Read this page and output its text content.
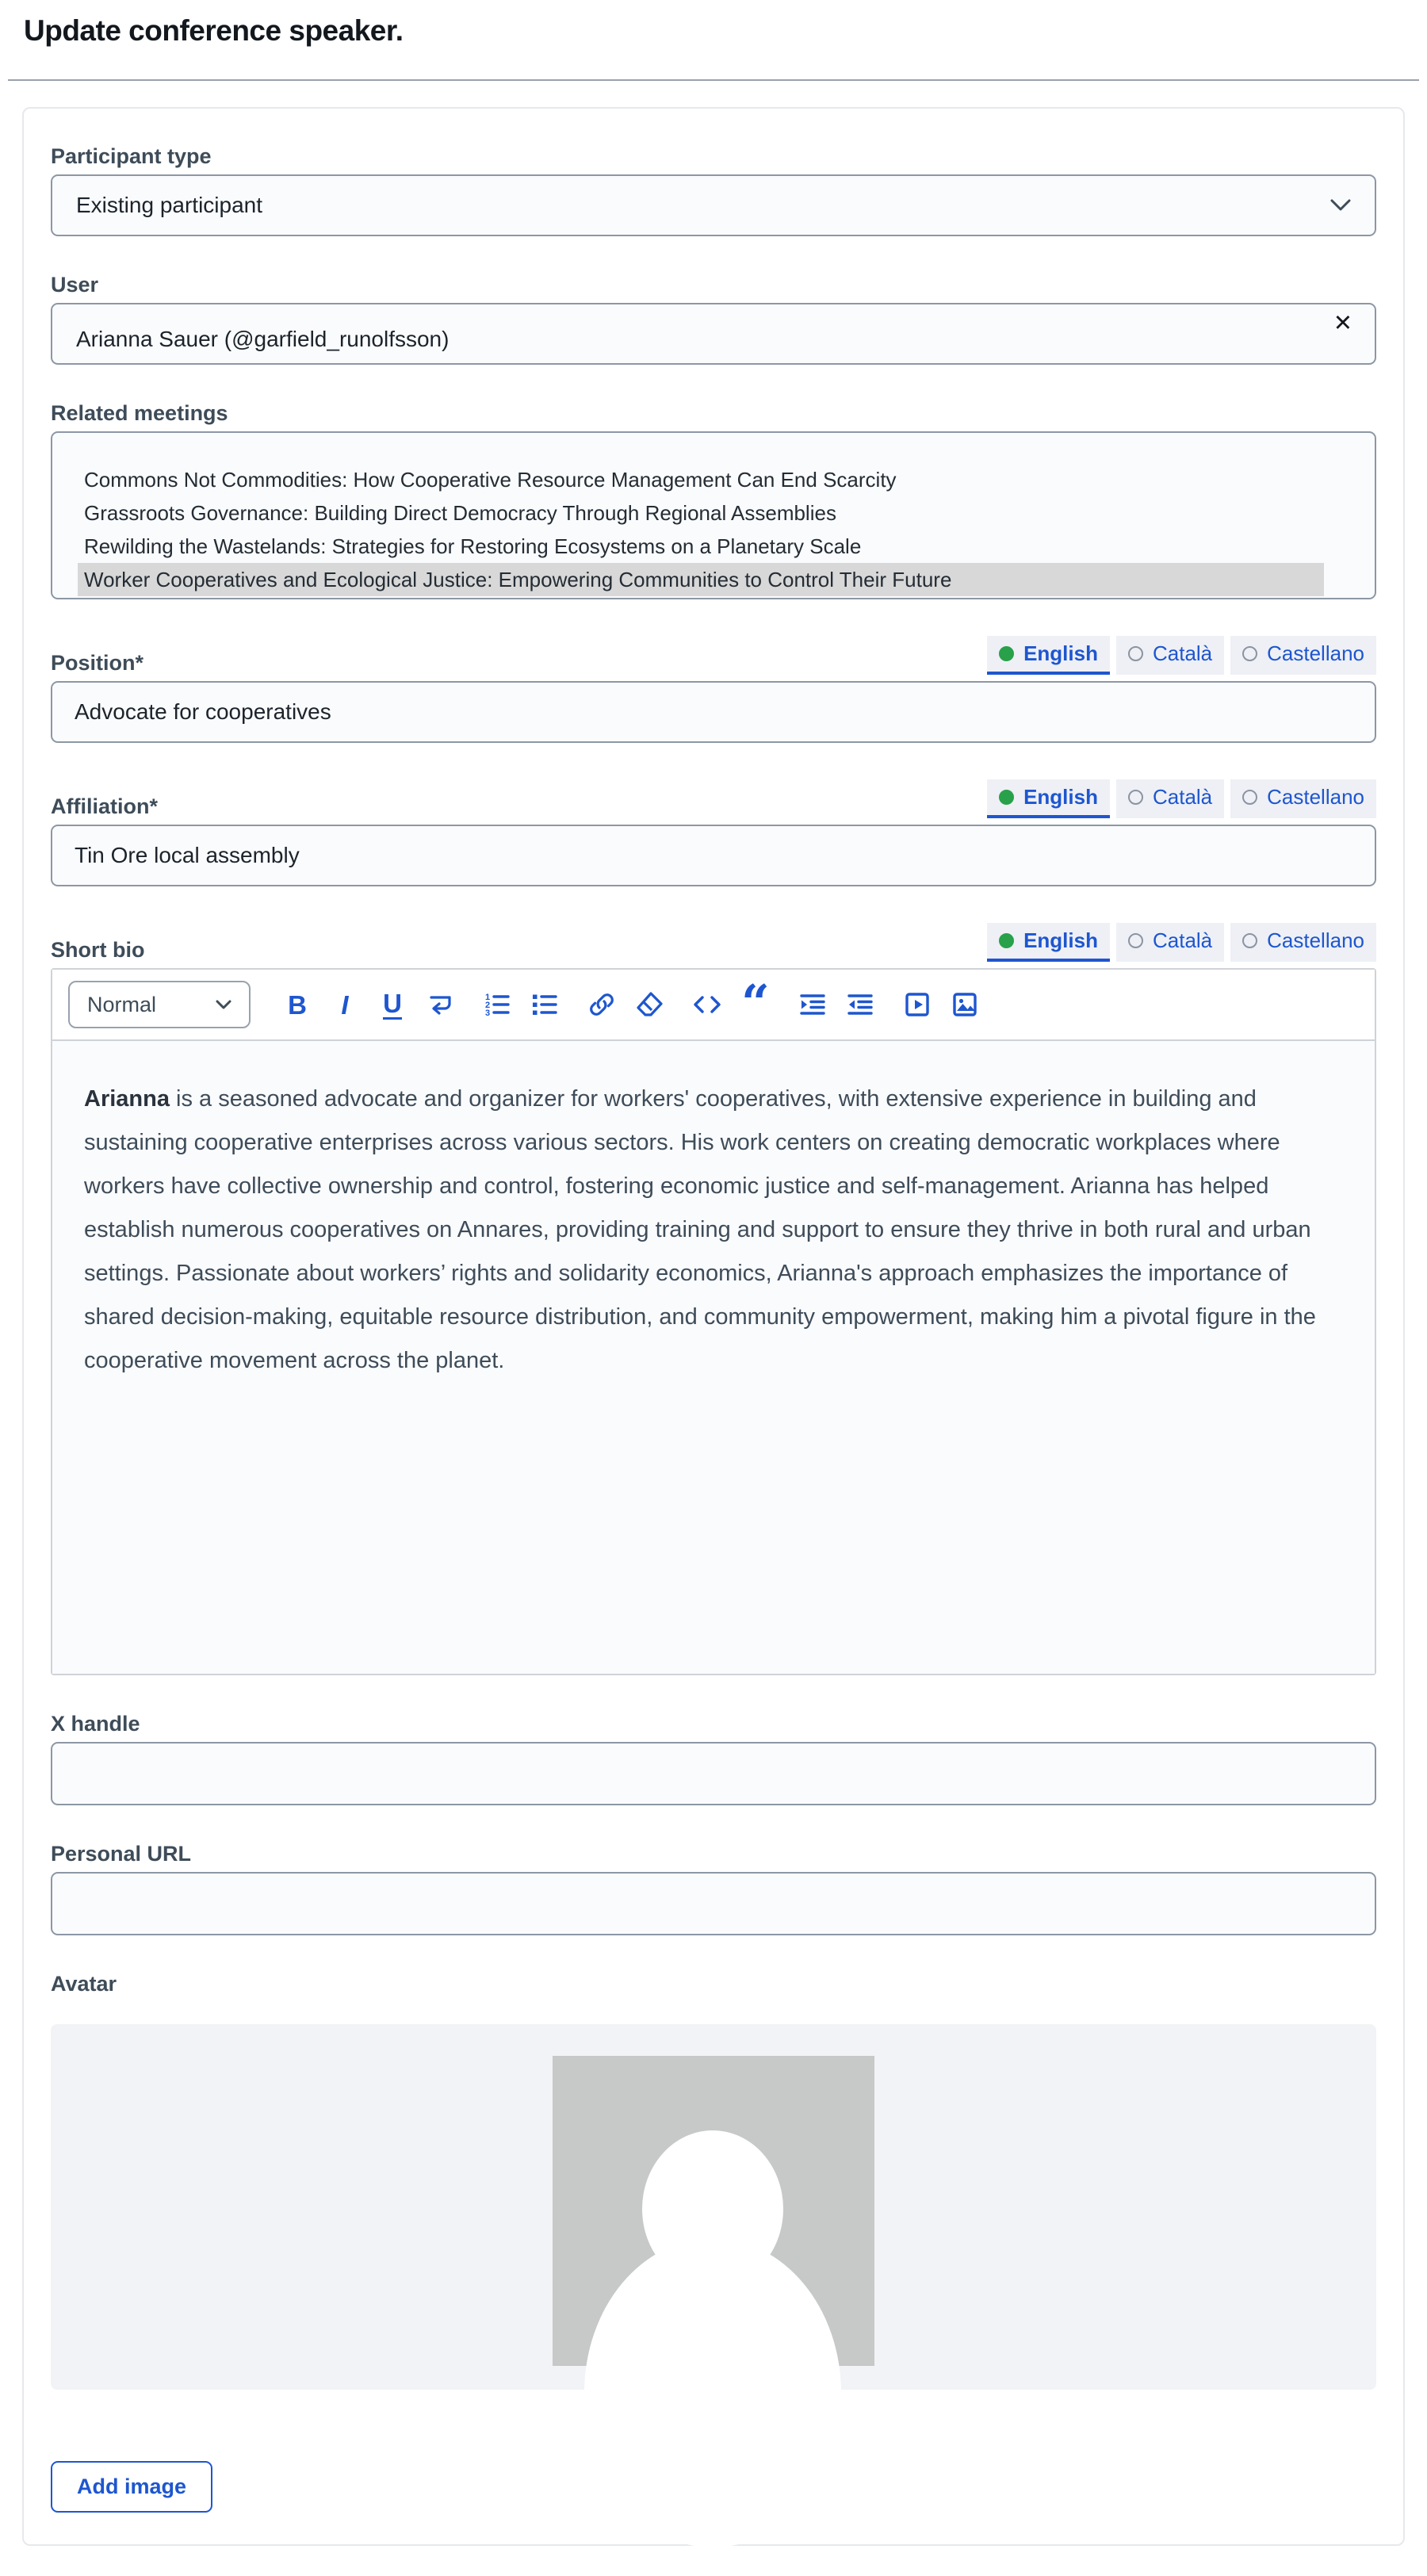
Update conference speaker.
Participant type
Existing participant
User
Arianna Sauer (@garfield_runolfsson)
✕
Related meetings
Commons Not Commodities: How Cooperative Resource Management Can End Scarcity
Grassroots Governance: Building Direct Democracy Through Regional Assemblies
Rewilding the Wastelands: Strategies for Restoring Ecosystems on a Planetary Scale
Worker Cooperatives and Ecological Justice: Empowering Communities to Control Their Future
Position*	English	Català	Castellano
Advocate for cooperatives
Affiliation*	English	Català	Castellano
Tin Ore local assembly
Short bio	English	Català	Castellano
Normal	B I U	1
2
3	“

Arianna is a seasoned advocate and organizer for workers' cooperatives, with extensive experience in building and sustaining cooperative enterprises across various sectors. His work centers on creating democratic workplaces where workers have collective ownership and control, fostering economic justice and self-management. Arianna has helped establish numerous cooperatives on Annares, providing training and support to ensure they thrive in both rural and urban settings. Passionate about workers’ rights and solidarity economics, Arianna's approach emphasizes the importance of shared decision-making, equitable resource distribution, and community empowerment, making him a pivotal figure in the cooperative movement across the planet.

X handle
Personal URL
Avatar
Add image
